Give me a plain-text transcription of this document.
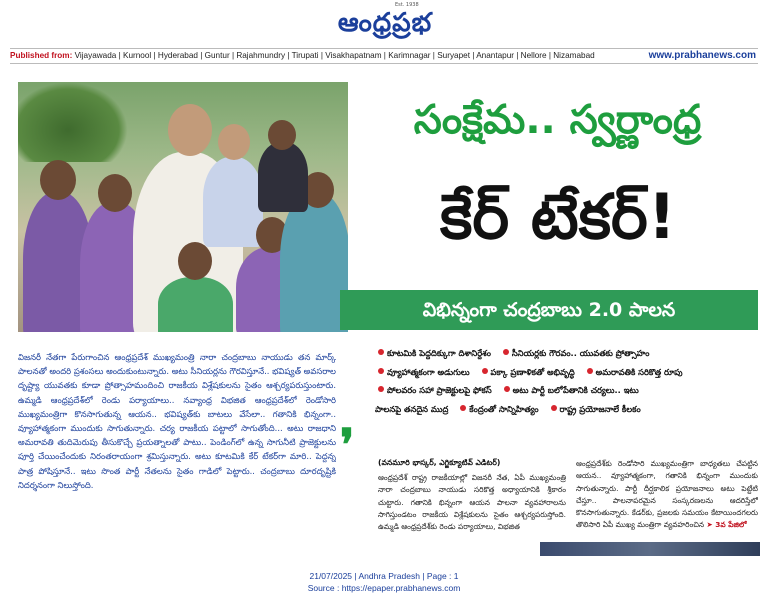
ఆంధ్రప్రభ
Est. 1938
Published from: Vijayawada | Kurnool | Hyderabad | Guntur | Rajahmundry | Tirupati | Visakhapatnam | Karimnagar | Suryapet | Anantapur | Nellore | Nizamabad	www.prabhanews.com
సంక్షేమ.. స్వర్ణాంధ్ర
కేర్ టేకర్!
విభిన్నంగా చంద్రబాబు 2.0 పాలన

విజనరీ నేతగా పేరుగాంచిన ఆంధ్రప్రదేశ్ ముఖ్యమంత్రి నారా చంద్రబాబు నాయుడు తన మార్క్ పాలనతో అందరి ప్రశంసలు అందుకుంటున్నారు. అటు సీనియర్లను గౌరవిస్తూనే.. భవిష్యత్ అవసరాల దృష్ట్యా యువతకు కూడా ప్రోత్సాహమందించి రాజకీయ విశ్లేషకులను సైతం ఆశ్చర్యపరుస్తుంటారు. ఉమ్మడి ఆంధ్రప్రదేశ్‌లో రెండు పర్యాయాలు.. నవ్యాంధ్ర విభజిత ఆంధ్రప్రదేశ్‌లో రెండోసారి ముఖ్యమంత్రిగా కొనసాగుతున్న ఆయన.. భవిష్యత్‌కు బాటలు వేసేలా.. గతానికి భిన్నంగా.. వ్యూహాత్మకంగా ముందుకు సాగుతున్నారు. చర్య రాజకీయ పట్టాలో సాగుతోంది... అటు రాజధాని అమరావతి తుదిమెరుపు తీసుకొచ్చే ప్రయత్నాలతో పాటు.. పెండింగ్‌లో ఉన్న సాగునీటి ప్రాజెక్టులను పూర్తి చేయించేందుకు నిరంతరాయంగా శ్రమిస్తున్నారు. అటు కూటమికి కేర్ టేకర్‌గా మారి.. పెద్దన్న పాత్ర పోషిస్తూనే.. ఇటు సొంత పార్టీ నేతలను సైతం గాడిలో పెట్టారు.. చంద్రబాబు దూరదృష్టికి నిదర్శనంగా నిలుస్తోంది.

కూటమికి పెద్దదిక్కుగా దిశానిర్దేశం	సీనియర్లకు గౌరవం.. యువతకు ప్రోత్సాహం
వ్యూహాత్మకంగా అడుగులు	పక్కా ప్రణాళికతో అభివృద్ధి	అమరావతికి సరికొత్త రూపు
పోలవరం సహా ప్రాజెక్టులపై ఫోకస్	అటు పార్టీ బలోపేతానికి చర్యలు.. ఇటు
పాలనపై తనదైన ముద్ర	కేంద్రంతో సాన్నిహిత్యం	రాష్ట్ర ప్రయోజనాలే కీలకం
❜	(వనమూరి భాస్కర్, ఎగ్జిక్యూటివ్ ఎడిటర్)
ఆంధ్రప్రదేశ్ రాష్ట్ర రాజకీయాల్లో విజనరీ నేత, ఏపీ ముఖ్యమంత్రి నారా చంద్రబాబు నాయుడు సరికొత్త అధ్యాయానికి శ్రీకారం చుట్టారు. గతానికి భిన్నంగా ఆయన పాలనా వ్యవహారాలను సాగిస్తుండటం రాజకీయ విశ్లేషకులను సైతం ఆశ్చర్యపరుస్తోంది. ఉమ్మడి ఆంధ్రప్రదేశ్‌కు రెండు పర్యాయాలు, విభజిత
ఆంధ్రప్రదేశ్‌కు రెండోసారి ముఖ్యమంత్రిగా బాధ్యతలు చేపట్టిన ఆయన.. వ్యూహాత్మకంగా, గతానికి భిన్నంగా ముందుకు సాగుతున్నారు. పార్టీ దీర్ఘకాలిక ప్రయోజనాలు అటు పెట్టేటి చేస్తూ.. పాలనాపరమైన సంస్కరణలను ఆదరిస్తేలో కొనసాగుతున్నారు. కేడర్‌కు, ప్రజలకు సమయం కేటాయిందగలరు తొలిసారి ఏపీ ముఖ్య మంత్రిగా వ్యవహరించిన ➤ 3వ పేజిలో
21/07/2025 | Andhra Pradesh | Page : 1
Source : https://epaper.prabhanews.com
